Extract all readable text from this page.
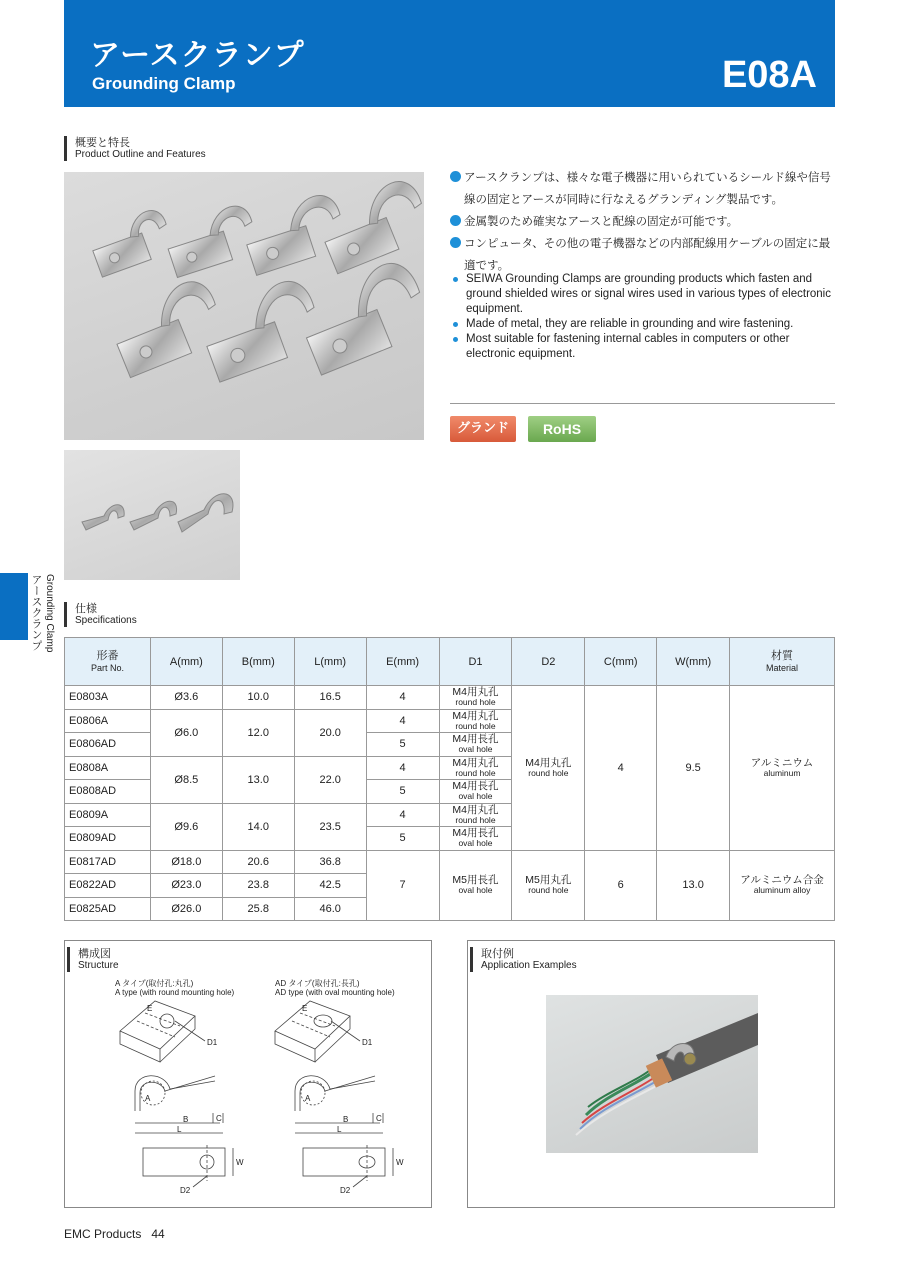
アースクランプ
Grounding Clamp	E08A
Grounding Clamp
アースクランプ
概要と特長
Product Outline and Features
アースクランプは、様々な電子機器に用いられているシールド線や信号線の固定とアースが同時に行なえるグランディング製品です。
金属製のため確実なアースと配線の固定が可能です。
コンピュータ、その他の電子機器などの内部配線用ケーブルの固定に最適です。
SEIWA Grounding Clamps are grounding products which fasten and ground shielded wires or signal wires used in various types of electronic equipment.
Made of metal, they are reliable in grounding and wire fastening.
Most suitable for fastening internal cables in computers or other electronic equipment.
グランド	RoHS
仕様
Specifications
形番
Part No.	A(mm)	B(mm)	L(mm)	E(mm)	D1	D2	C(mm)	W(mm)	材質
Material

E0803A	Ø3.6	10.0	16.5	4	M4用丸孔
round hole	M4用丸孔
round hole	4	9.5	アルミニウム
aluminum

E0806A	Ø6.0	12.0	20.0	4	M4用丸孔
round hole				

E0806AD				5	M4用長孔
oval hole				

E0808A	Ø8.5	13.0	22.0	4	M4用丸孔
round hole				

E0808AD				5	M4用長孔
oval hole				

E0809A	Ø9.6	14.0	23.5	4	M4用丸孔
round hole				

E0809AD				5	M4用長孔
oval hole				

E0817AD	Ø18.0	20.6	36.8	7	M5用長孔
oval hole	M5用丸孔
round hole	6	13.0	アルミニウム合金
aluminum alloy

E0822AD	Ø23.0	23.8	42.5						
E0825AD	Ø26.0	25.8	46.0						
構成図
Structure
A タイプ(取付孔:丸孔)
A type (with round mounting hole)
AD タイプ(取付孔:長孔)
AD type (with oval mounting hole)
E
D1
A
B	C
L
W
D2
E
D1
A
B	C
L
W
D2
取付例
Application Examples
EMC Products 44
